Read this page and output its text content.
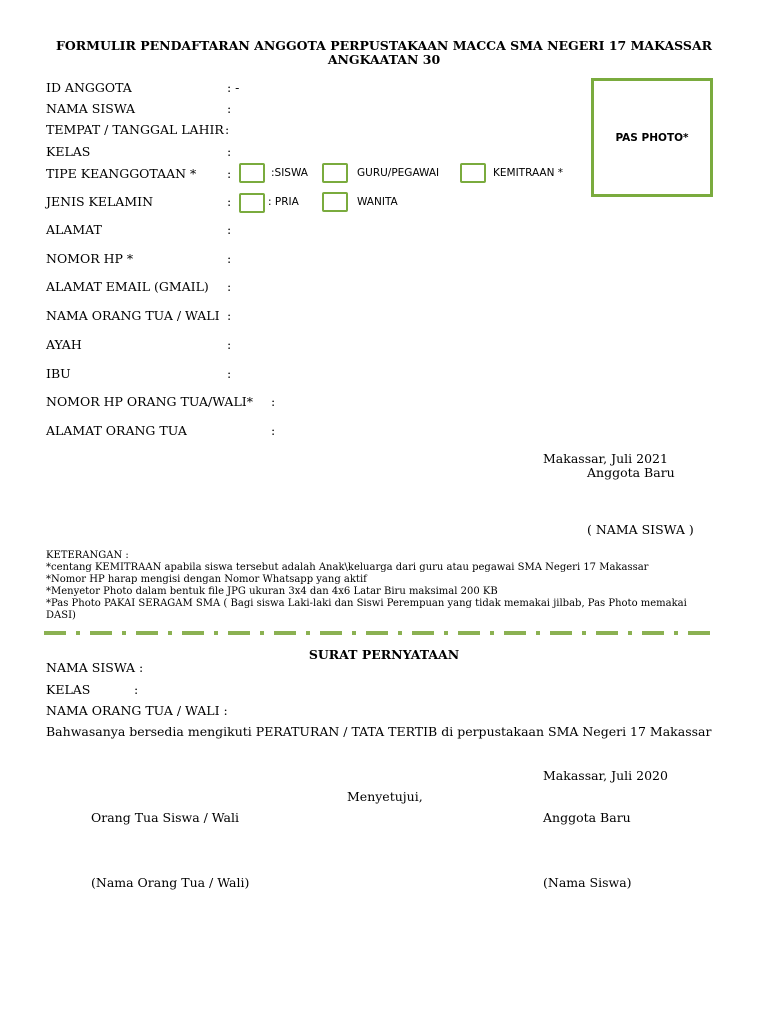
FORMULIR PENDAFTARAN ANGGOTA PERPUSTAKAAN MACCA SMA NEGERI 17 MAKASSAR
ANGKAATAN 30
PAS PHOTO*
ID ANGGOTA	: -
NAMA SISWA	:
TEMPAT / TANGGAL LAHIR :
KELAS	:
TIPE KEANGGOTAAN * :	:SISWA	GURU/PEGAWAI	KEMITRAAN *
JENIS KELAMIN	:	: PRIA	WANITA
ALAMAT	:
NOMOR HP *	:
ALAMAT EMAIL (GMAIL) :
NAMA ORANG TUA / WALI :
AYAH	:
IBU	:
NOMOR HP ORANG TUA/WALI* :
ALAMAT ORANG TUA	:
Makassar, Juli 2021
Anggota Baru
( NAMA SISWA )
KETERANGAN :
*centang KEMITRAAN apabila siswa tersebut adalah Anak\keluarga dari guru atau pegawai SMA Negeri 17 Makassar
*Nomor HP harap mengisi dengan Nomor Whatsapp yang aktif
*Menyetor Photo dalam bentuk file JPG ukuran 3x4 dan 4x6 Latar Biru maksimal 200 KB
*Pas Photo PAKAI SERAGAM SMA ( Bagi siswa Laki-laki dan Siswi Perempuan yang tidak memakai jilbab, Pas Photo memakai
DASI)
SURAT PERNYATAAN
NAMA SISWA :
KELAS	:
NAMA ORANG TUA / WALI :
Bahwasanya bersedia mengikuti PERATURAN / TATA TERTIB di perpustakaan SMA Negeri 17 Makassar
Makassar, Juli 2020
Menyetujui,
Orang Tua Siswa / Wali	Anggota Baru
(Nama Orang Tua / Wali)	(Nama Siswa)
